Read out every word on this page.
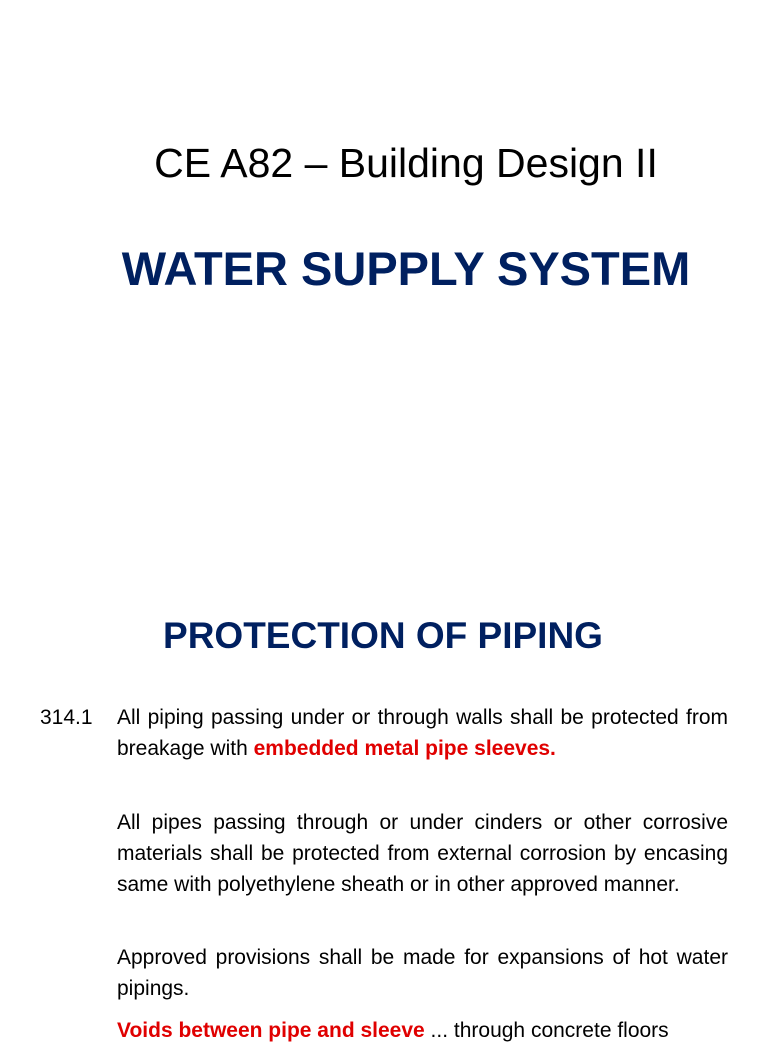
CE A82 – Building Design II
WATER SUPPLY SYSTEM
PROTECTION OF PIPING
314.1 All piping passing under or through walls shall be protected from breakage with embedded metal pipe sleeves.

All pipes passing through or under cinders or other corrosive materials shall be protected from external corrosion by encasing same with polyethylene sheath or in other approved manner.

Approved provisions shall be made for expansions of hot water pipings.

Voids between pipe and sleeve ... through concrete floors
